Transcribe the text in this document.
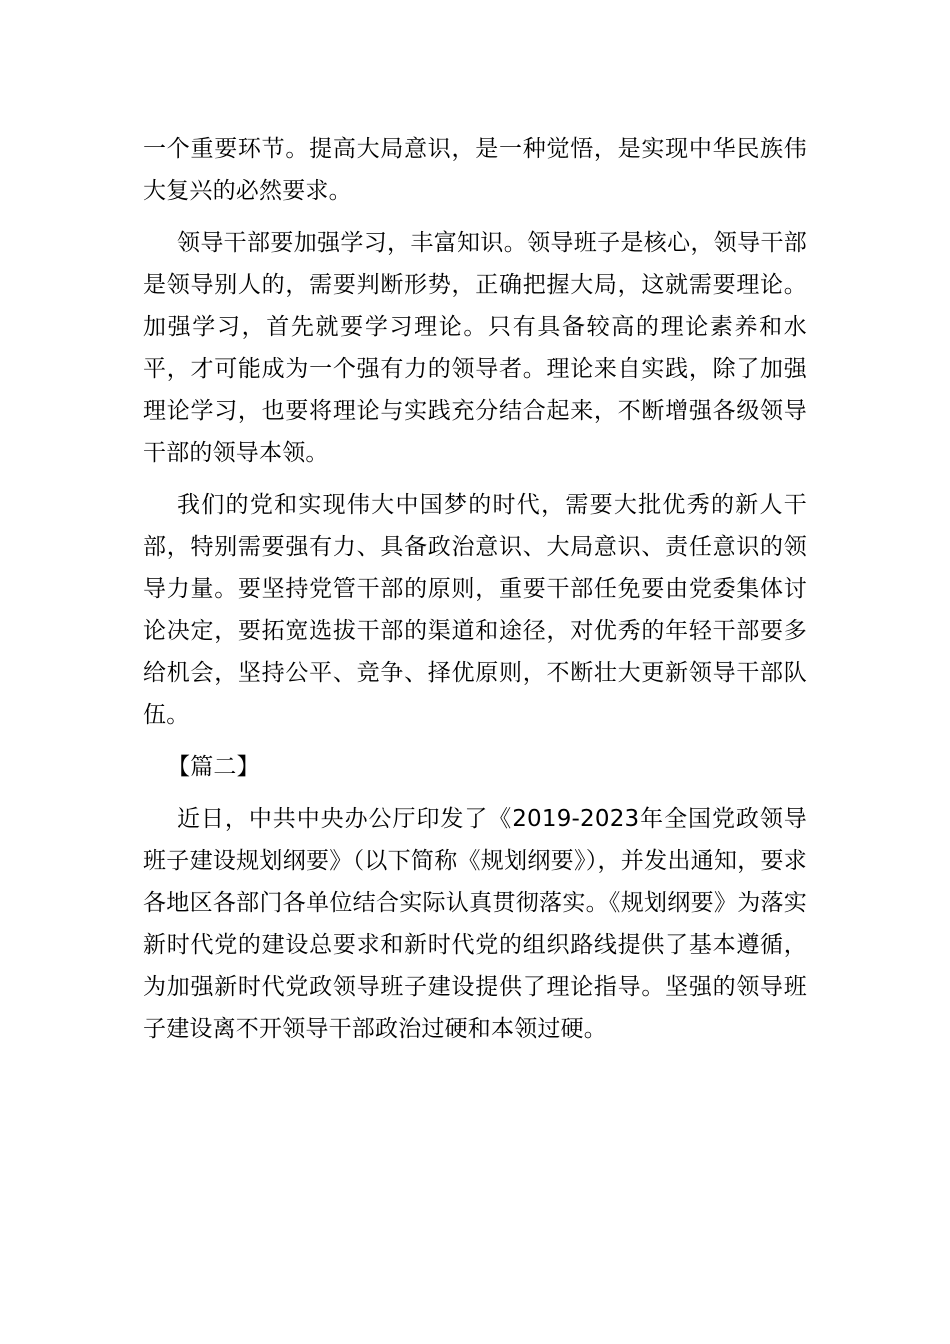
一个重要环节。提高大局意识，是一种觉悟，是实现中华民族伟大复兴的必然要求。

领导干部要加强学习，丰富知识。领导班子是核心，领导干部是领导别人的，需要判断形势，正确把握大局，这就需要理论。加强学习，首先就要学习理论。只有具备较高的理论素养和水平，才可能成为一个强有力的领导者。理论来自实践，除了加强理论学习，也要将理论与实践充分结合起来，不断增强各级领导干部的领导本领。

我们的党和实现伟大中国梦的时代，需要大批优秀的新人干部，特别需要强有力、具备政治意识、大局意识、责任意识的领导力量。要坚持党管干部的原则，重要干部任免要由党委集体讨论决定，要拓宽选拔干部的渠道和途径，对优秀的年轻干部要多给机会，坚持公平、竞争、择优原则，不断壮大更新领导干部队伍。

【篇二】

近日，中共中央办公厅印发了《2019-2023年全国党政领导班子建设规划纲要》（以下简称《规划纲要》），并发出通知，要求各地区各部门各单位结合实际认真贯彻落实。《规划纲要》为落实新时代党的建设总要求和新时代党的组织路线提供了基本遵循，为加强新时代党政领导班子建设提供了理论指导。坚强的领导班子建设离不开领导干部政治过硬和本领过硬。
